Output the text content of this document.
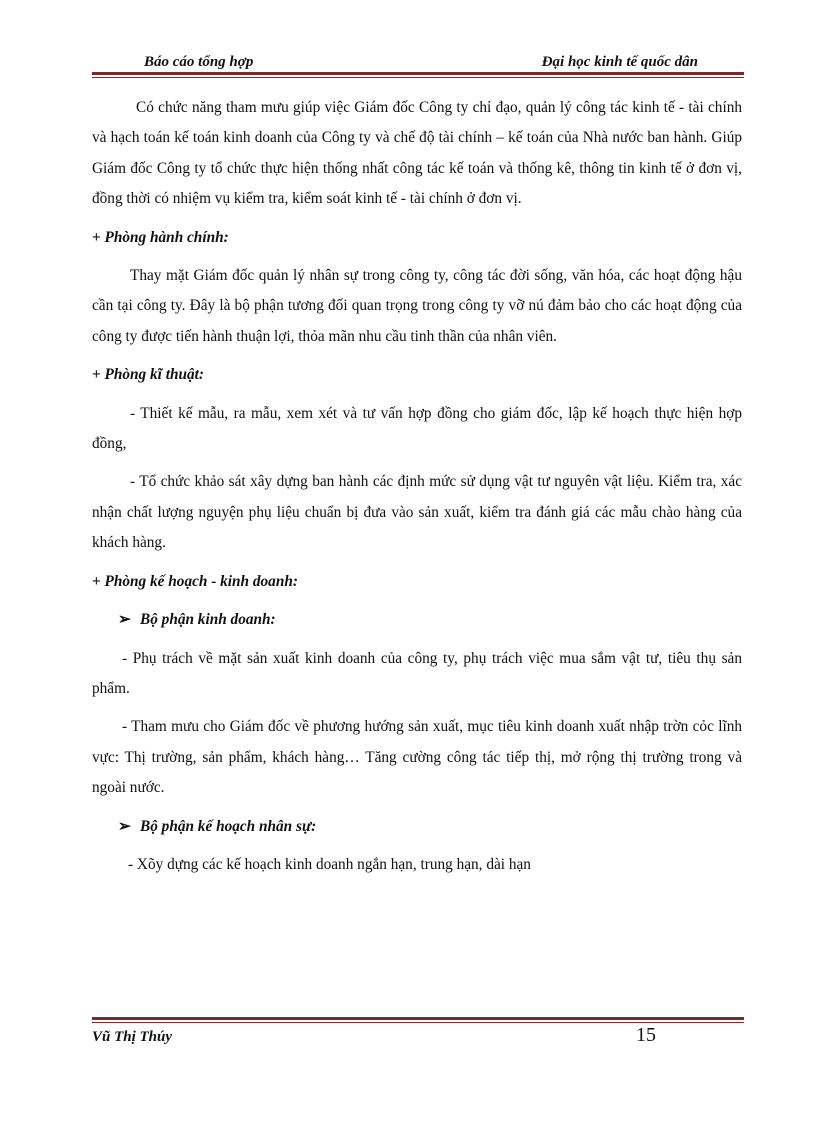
Báo cáo tổng hợp	Đại học kinh tế quốc dân

Có chức năng tham mưu giúp việc Giám đốc Công ty chỉ đạo, quản lý công tác kinh tế - tài chính và hạch toán kế toán kinh doanh của Công ty và chế độ tài chính – kế toán của Nhà nước ban hành. Giúp Giám đốc Công ty tổ chức thực hiện thống nhất công tác kế toán và thống kê, thông tin kinh tế ở đơn vị, đồng thời có nhiệm vụ kiểm tra, kiểm soát kinh tế - tài chính ở đơn vị.

+ Phòng hành chính:

Thay mặt Giám đốc quản lý nhân sự trong công ty, công tác đời sống, văn hóa, các hoạt động hậu cần tại công ty. Đây là bộ phận tương đối quan trọng trong công ty vỡ nú đảm bảo cho các hoạt động của công ty được tiến hành thuận lợi, thỏa mãn nhu cầu tinh thần của nhân viên.

+ Phòng kĩ thuật:

- Thiết kế mẫu, ra mẫu, xem xét và tư vấn hợp đồng cho giám đốc, lập kế hoạch thực hiện hợp đồng,

- Tổ chức khảo sát xây dựng ban hành các định mức sử dụng vật tư nguyên vật liệu. Kiểm tra, xác nhận chất lượng nguyện phụ liệu chuẩn bị đưa vào sản xuất, kiểm tra đánh giá các mẫu chào hàng của khách hàng.

+ Phòng kế hoạch - kinh doanh:
➢ Bộ phận kinh doanh:

- Phụ trách về mặt sản xuất kinh doanh của công ty, phụ trách việc mua sắm vật tư, tiêu thụ sản phẩm.

- Tham mưu cho Giám đốc về phương hướng sản xuất, mục tiêu kinh doanh xuất nhập trờn cỏc lĩnh vực: Thị trường, sản phẩm, khách hàng… Tăng cường công tác tiếp thị, mở rộng thị trường trong và ngoài nước.

➢ Bộ phận kế hoạch nhân sự:

- Xõy dựng các kế hoạch kinh doanh ngắn hạn, trung hạn, dài hạn

Vũ Thị Thúy	15
